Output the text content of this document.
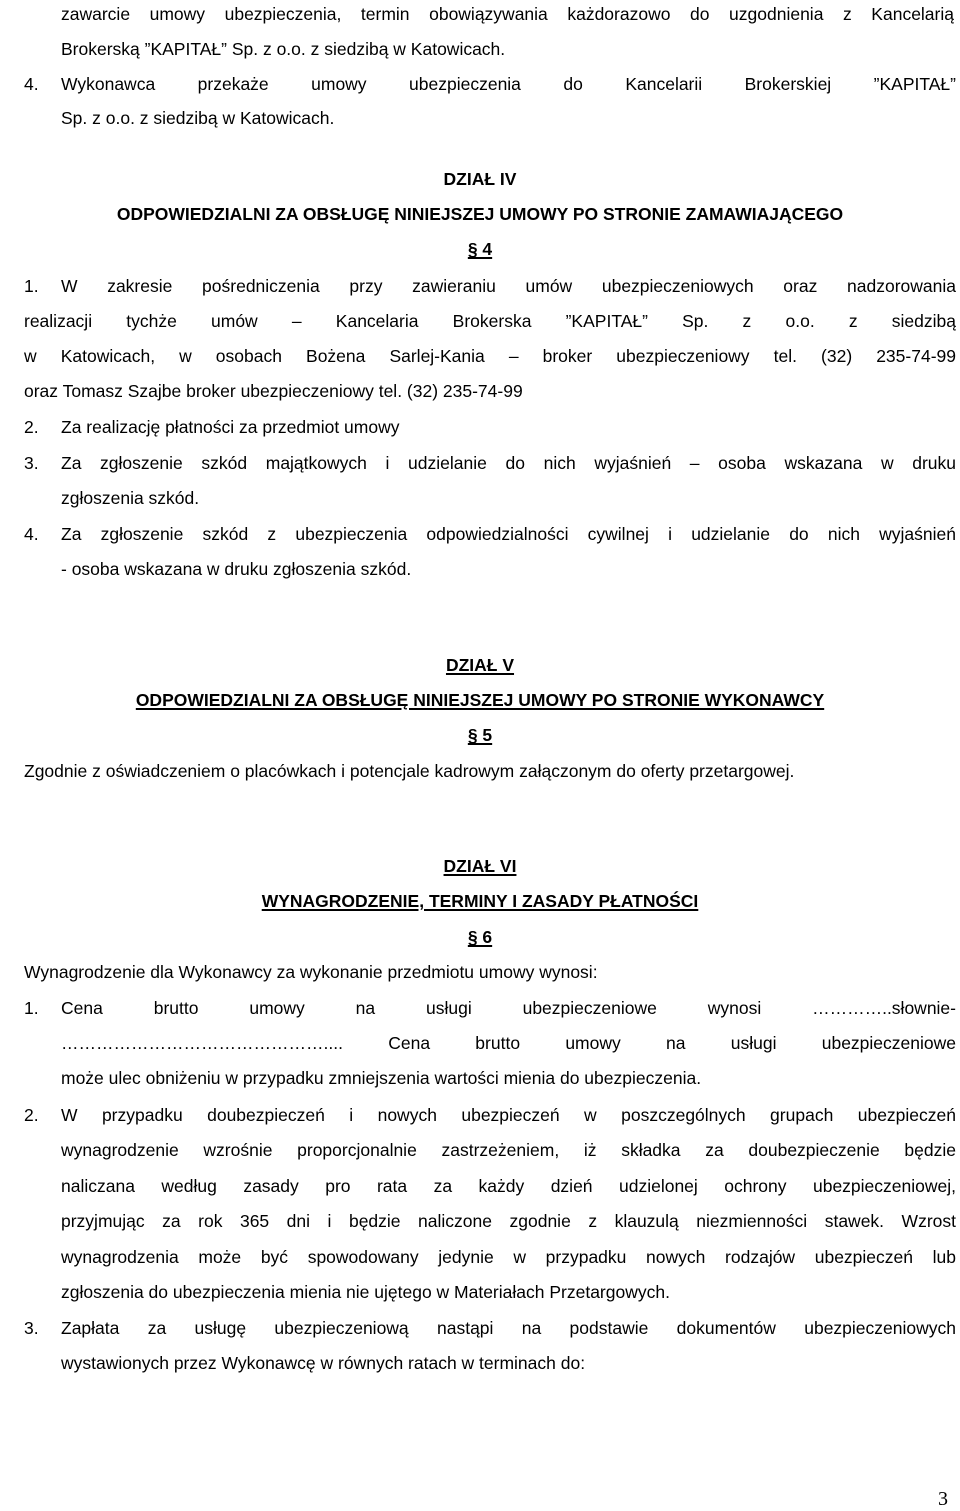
zawarcie umowy ubezpieczenia, termin obowiązywania każdorazowo do uzgodnienia z Kancelarią
Brokerską ”KAPITAŁ” Sp. z o.o. z siedzibą w Katowicach.
4. Wykonawca przekaże umowy ubezpieczenia do Kancelarii Brokerskiej ”KAPITAŁ”
Sp. z o.o. z siedzibą w Katowicach.
DZIAŁ IV
ODPOWIEDZIALNI ZA OBSŁUGĘ NINIEJSZEJ UMOWY PO STRONIE ZAMAWIAJĄCEGO
§ 4
1. W zakresie pośredniczenia przy zawieraniu umów ubezpieczeniowych oraz nadzorowania
realizacji tychże umów – Kancelaria Brokerska ”KAPITAŁ” Sp. z o.o. z siedzibą
w Katowicach, w osobach Bożena Sarlej-Kania – broker ubezpieczeniowy tel. (32) 235-74-99
oraz Tomasz Szajbe broker ubezpieczeniowy tel. (32) 235-74-99
2. Za realizację płatności za przedmiot umowy
3. Za zgłoszenie szkód majątkowych i udzielanie do nich wyjaśnień – osoba wskazana w druku
zgłoszenia szkód.
4. Za zgłoszenie szkód z ubezpieczenia odpowiedzialności cywilnej i udzielanie do nich wyjaśnień
- osoba wskazana w druku zgłoszenia szkód.
DZIAŁ V
ODPOWIEDZIALNI ZA OBSŁUGĘ NINIEJSZEJ UMOWY PO STRONIE WYKONAWCY
§ 5
Zgodnie z oświadczeniem o placówkach i potencjale kadrowym załączonym do oferty przetargowej.
DZIAŁ VI
WYNAGRODZENIE, TERMINY I ZASADY PŁATNOŚCI
§ 6
Wynagrodzenie dla Wykonawcy za wykonanie przedmiotu umowy wynosi:
1. Cena brutto umowy na usługi ubezpieczeniowe wynosi …………..słownie-
……………………………………….... Cena brutto umowy na usługi ubezpieczeniowe
może ulec obniżeniu w przypadku zmniejszenia wartości mienia do ubezpieczenia.
2. W przypadku doubezpieczeń i nowych ubezpieczeń w poszczególnych grupach ubezpieczeń
wynagrodzenie wzrośnie proporcjonalnie zastrzeżeniem, iż składka za doubezpieczenie będzie
naliczana według zasady pro rata za każdy dzień udzielonej ochrony ubezpieczeniowej,
przyjmując za rok 365 dni i będzie naliczone zgodnie z klauzulą niezmienności stawek. Wzrost
wynagrodzenia może być spowodowany jedynie w przypadku nowych rodzajów ubezpieczeń lub
zgłoszenia do ubezpieczenia mienia nie ujętego w Materiałach Przetargowych.
3. Zapłata za usługę ubezpieczeniową nastąpi na podstawie dokumentów ubezpieczeniowych
wystawionych przez Wykonawcę w równych ratach w terminach do:
3
